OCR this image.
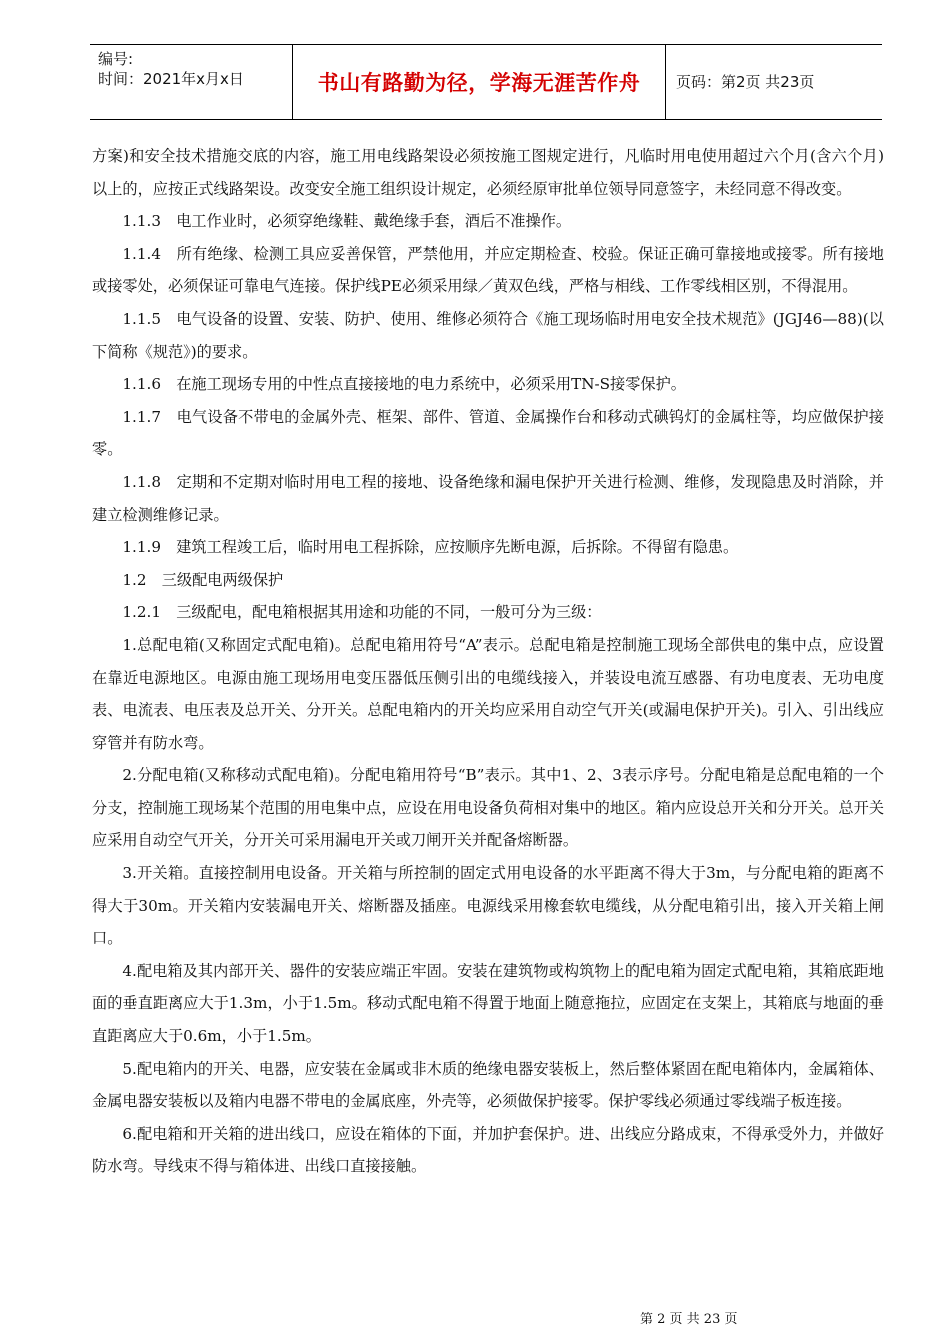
编号:
时间：2021年x月x日	书山有路勤为径，学海无涯苦作舟	页码：第2页 共23页

方案)和安全技术措施交底的内容，施工用电线路架设必须按施工图规定进行，凡临时用电使用超过六个月(含六个月)以上的，应按正式线路架设。改变安全施工组织设计规定，必须经原审批单位领导同意签字，未经同意不得改变。

1.1.3　电工作业时，必须穿绝缘鞋、戴绝缘手套，酒后不准操作。

1.1.4　所有绝缘、检测工具应妥善保管，严禁他用，并应定期检查、校验。保证正确可靠接地或接零。所有接地或接零处，必须保证可靠电气连接。保护线PE必须采用绿／黄双色线，严格与相线、工作零线相区别，不得混用。

1.1.5　电气设备的设置、安装、防护、使用、维修必须符合《施工现场临时用电安全技术规范》(JGJ46—88)(以下简称《规范》)的要求。

1.1.6　在施工现场专用的中性点直接接地的电力系统中，必须采用TN-S接零保护。

1.1.7　电气设备不带电的金属外壳、框架、部件、管道、金属操作台和移动式碘钨灯的金属柱等，均应做保护接零。

1.1.8　定期和不定期对临时用电工程的接地、设备绝缘和漏电保护开关进行检测、维修，发现隐患及时消除，并建立检测维修记录。

1.1.9　建筑工程竣工后，临时用电工程拆除，应按顺序先断电源，后拆除。不得留有隐患。

1.2　三级配电两级保护

1.2.1　三级配电，配电箱根据其用途和功能的不同，一般可分为三级：

1.总配电箱(又称固定式配电箱)。总配电箱用符号“A”表示。总配电箱是控制施工现场全部供电的集中点，应设置在靠近电源地区。电源由施工现场用电变压器低压侧引出的电缆线接入，并装设电流互感器、有功电度表、无功电度表、电流表、电压表及总开关、分开关。总配电箱内的开关均应采用自动空气开关(或漏电保护开关)。引入、引出线应穿管并有防水弯。

2.分配电箱(又称移动式配电箱)。分配电箱用符号“B”表示。其中1、2、3表示序号。分配电箱是总配电箱的一个分支，控制施工现场某个范围的用电集中点，应设在用电设备负荷相对集中的地区。箱内应设总开关和分开关。总开关应采用自动空气开关，分开关可采用漏电开关或刀闸开关并配备熔断器。

3.开关箱。直接控制用电设备。开关箱与所控制的固定式用电设备的水平距离不得大于3m，与分配电箱的距离不得大于30m。开关箱内安装漏电开关、熔断器及插座。电源线采用橡套软电缆线，从分配电箱引出，接入开关箱上闸口。

4.配电箱及其内部开关、器件的安装应端正牢固。安装在建筑物或构筑物上的配电箱为固定式配电箱，其箱底距地面的垂直距离应大于1.3m，小于1.5m。移动式配电箱不得置于地面上随意拖拉，应固定在支架上，其箱底与地面的垂直距离应大于0.6m，小于1.5m。

5.配电箱内的开关、电器，应安装在金属或非木质的绝缘电器安装板上，然后整体紧固在配电箱体内，金属箱体、金属电器安装板以及箱内电器不带电的金属底座，外壳等，必须做保护接零。保护零线必须通过零线端子板连接。

6.配电箱和开关箱的进出线口，应设在箱体的下面，并加护套保护。进、出线应分路成束，不得承受外力，并做好防水弯。导线束不得与箱体进、出线口直接接触。

第 2 页 共 23 页
